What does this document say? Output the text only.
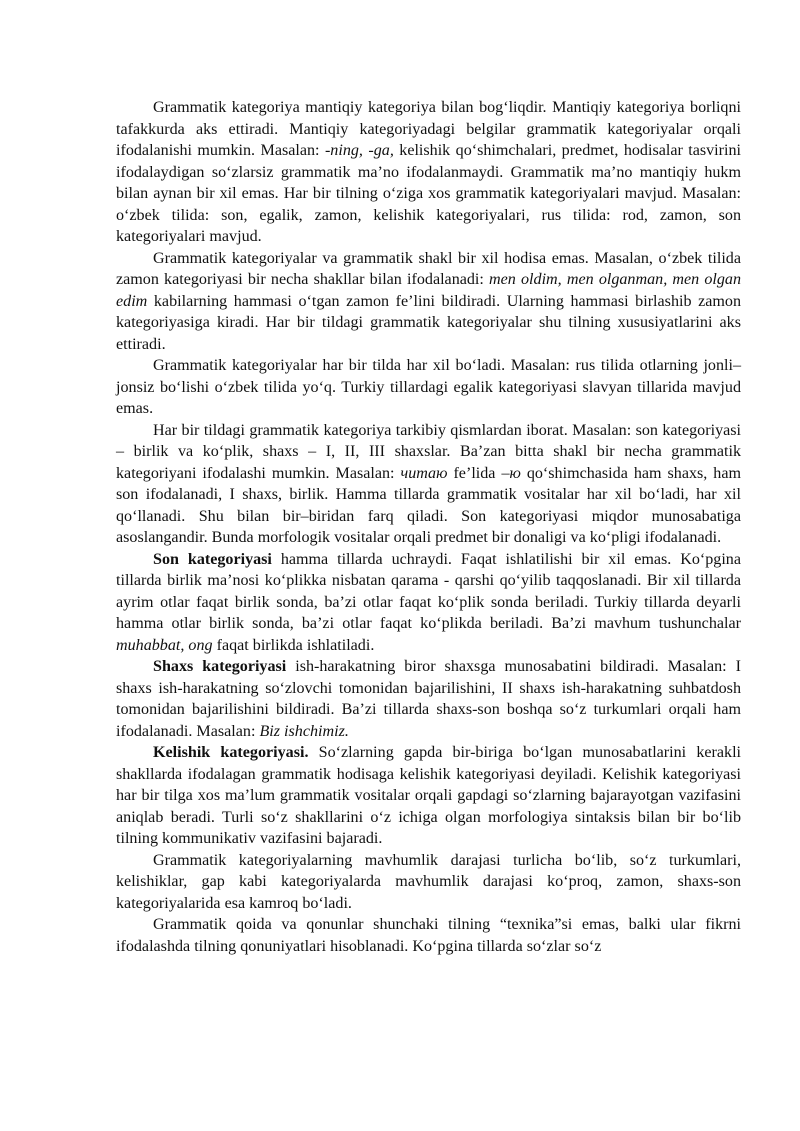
Grammatik kategoriya mantiqiy kategoriya bilan bog‘liqdir. Mantiqiy kategoriya borliqni tafakkurda aks ettiradi. Mantiqiy kategoriyadagi belgilar grammatik kategoriyalar orqali ifodalanishi mumkin. Masalan: -ning, -ga, kelishik qo‘shimchalari, predmet, hodisalar tasvirini ifodalaydigan so‘zlarsiz grammatik ma’no ifodalanmaydi. Grammatik ma’no mantiqiy hukm bilan aynan bir xil emas. Har bir tilning o‘ziga xos grammatik kategoriyalari mavjud. Masalan: o‘zbek tilida: son, egalik, zamon, kelishik kategoriyalari, rus tilida: rod, zamon, son kategoriyalari mavjud.

Grammatik kategoriyalar va grammatik shakl bir xil hodisa emas. Masalan, o‘zbek tilida zamon kategoriyasi bir necha shakllar bilan ifodalanadi: men oldim, men olganman, men olgan edim kabilarning hammasi o‘tgan zamon fe’lini bildiradi. Ularning hammasi birlashib zamon kategoriyasiga kiradi. Har bir tildagi grammatik kategoriyalar shu tilning xususiyatlarini aks ettiradi.

Grammatik kategoriyalar har bir tilda har xil bo‘ladi. Masalan: rus tilida otlarning jonli–jonsiz bo‘lishi o‘zbek tilida yo‘q. Turkiy tillardagi egalik kategoriyasi slavyan tillarida mavjud emas.

Har bir tildagi grammatik kategoriya tarkibiy qismlardan iborat. Masalan: son kategoriyasi – birlik va ko‘plik, shaxs – I, II, III shaxslar. Ba’zan bitta shakl bir necha grammatik kategoriyani ifodalashi mumkin. Masalan: читаю fe’lida –ю qo‘shimchasida ham shaxs, ham son ifodalanadi, I shaxs, birlik. Hamma tillarda grammatik vositalar har xil bo‘ladi, har xil qo‘llanadi. Shu bilan bir–biridan farq qiladi. Son kategoriyasi miqdor munosabatiga asoslangandir. Bunda morfologik vositalar orqali predmet bir donaligi va ko‘pligi ifodalanadi.

Son kategoriyasi hamma tillarda uchraydi. Faqat ishlatilishi bir xil emas. Ko‘pgina tillarda birlik ma’nosi ko‘plikka nisbatan qarama - qarshi qo‘yilib taqqoslanadi. Bir xil tillarda ayrim otlar faqat birlik sonda, ba’zi otlar faqat ko‘plik sonda beriladi. Turkiy tillarda deyarli hamma otlar birlik sonda, ba’zi otlar faqat ko‘plikda beriladi. Ba’zi mavhum tushunchalar muhabbat, ong faqat birlikda ishlatiladi.

Shaxs kategoriyasi ish-harakatning biror shaxsga munosabatini bildiradi. Masalan: I shaxs ish-harakatning so‘zlovchi tomonidan bajarilishini, II shaxs ish-harakatning suhbatdosh tomonidan bajarilishini bildiradi. Ba’zi tillarda shaxs-son boshqa so‘z turkumlari orqali ham ifodalanadi. Masalan: Biz ishchimiz.

Kelishik kategoriyasi. So‘zlarning gapda bir-biriga bo‘lgan munosabatlarini kerakli shakllarda ifodalagan grammatik hodisaga kelishik kategoriyasi deyiladi. Kelishik kategoriyasi har bir tilga xos ma’lum grammatik vositalar orqali gapdagi so‘zlarning bajarayotgan vazifasini aniqlab beradi. Turli so‘z shakllarini o‘z ichiga olgan morfologiya sintaksis bilan bir bo‘lib tilning kommunikativ vazifasini bajaradi.

Grammatik kategoriyalarning mavhumlik darajasi turlicha bo‘lib, so‘z turkumlari, kelishiklar, gap kabi kategoriyalarda mavhumlik darajasi ko‘proq, zamon, shaxs-son kategoriyalarida esa kamroq bo‘ladi.

Grammatik qoida va qonunlar shunchaki tilning “texnika”si emas, balki ular fikrni ifodalashda tilning qonuniyatlari hisoblanadi. Ko‘pgina tillarda so‘zlar so‘z
